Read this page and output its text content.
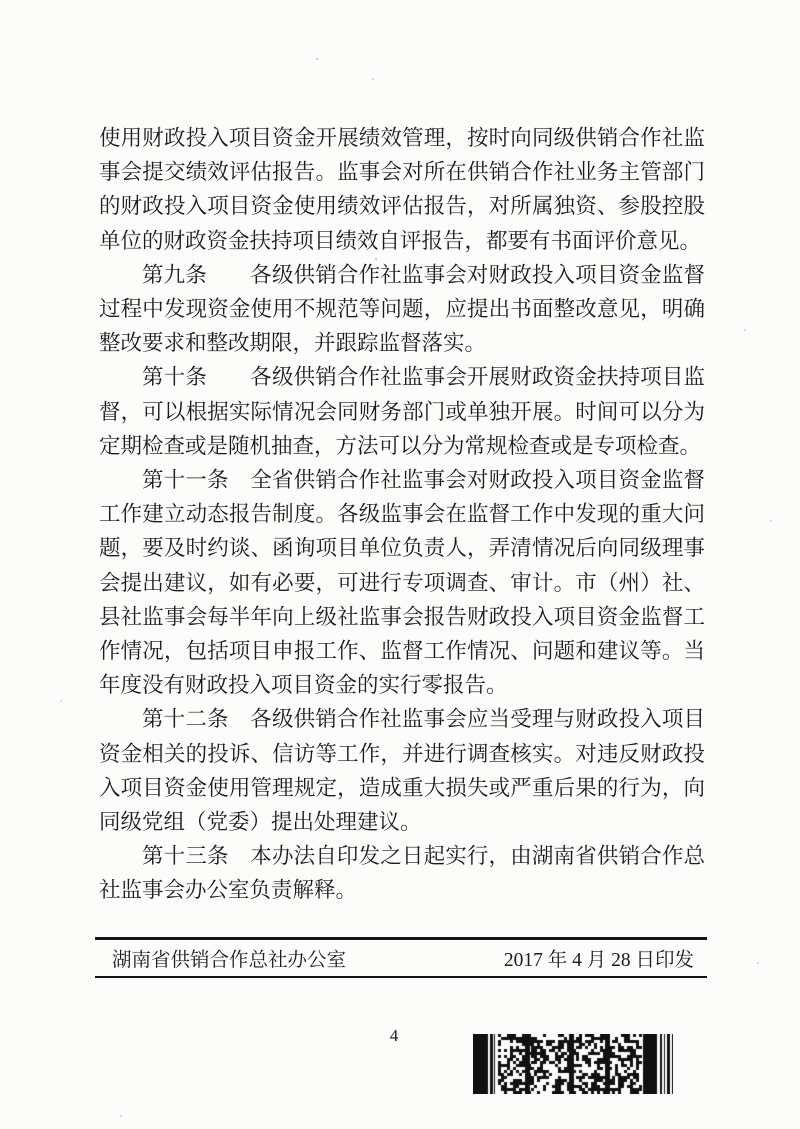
使用财政投入项目资金开展绩效管理，按时向同级供销合作社监事会提交绩效评估报告。监事会对所在供销合作社业务主管部门的财政投入项目资金使用绩效评估报告，对所属独资、参股控股单位的财政资金扶持项目绩效自评报告，都要有书面评价意见。

第九条　　各级供销合作社监事会对财政投入项目资金监督过程中发现资金使用不规范等问题，应提出书面整改意见，明确整改要求和整改期限，并跟踪监督落实。

第十条　　各级供销合作社监事会开展财政资金扶持项目监督，可以根据实际情况会同财务部门或单独开展。时间可以分为定期检查或是随机抽查，方法可以分为常规检查或是专项检查。

第十一条　全省供销合作社监事会对财政投入项目资金监督工作建立动态报告制度。各级监事会在监督工作中发现的重大问题，要及时约谈、函询项目单位负责人，弄清情况后向同级理事会提出建议，如有必要，可进行专项调查、审计。市（州）社、县社监事会每半年向上级社监事会报告财政投入项目资金监督工作情况，包括项目申报工作、监督工作情况、问题和建议等。当年度没有财政投入项目资金的实行零报告。

第十二条　各级供销合作社监事会应当受理与财政投入项目资金相关的投诉、信访等工作，并进行调查核实。对违反财政投入项目资金使用管理规定，造成重大损失或严重后果的行为，向同级党组（党委）提出处理建议。

第十三条　本办法自印发之日起实行，由湖南省供销合作总社监事会办公室负责解释。

湖南省供销合作总社办公室	2017 年 4 月 28 日印发
4
